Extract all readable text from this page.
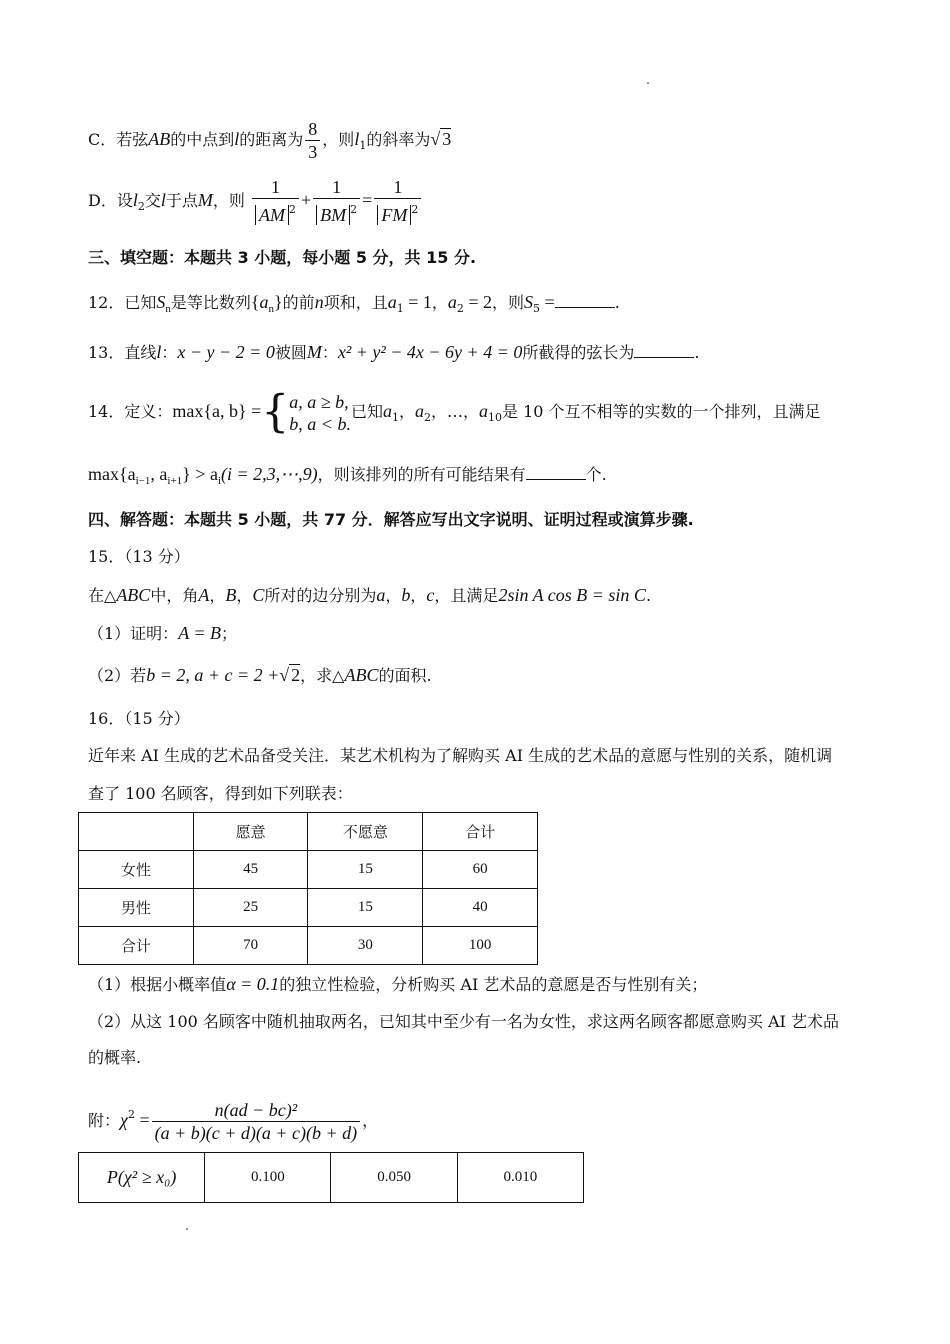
C．若弦AB的中点到l的距离为 $\frac{8}{3}$ ，则$l_1$的斜率为√ 3
D．设$l_2$交l于点M，则 $\frac{1}{AM ^2} + \frac{1}{BM ^2} = \frac{1}{FM ^2}$
三、填空题：本题共 3 小题，每小题 5 分，共 15 分.
12．已知$S_n$是等比数列$\{a_n\}$的前n项和，且$a_1 = 1$，$a_2 = 2$，则$S_5$ =	.
13．直线l：x − y − 2 = 0被圆M：x² + y² − 4x − 6y + 4 = 0所截得的弦长为	.
14．定义：max{a, b} ={ a, a ≥ b,
b, a < b.
已知$a_1$，$a_2$，…，$a_{10}$是 10 个互不相等的实数的一个排列，且满足
$\max\{a_{i-1}$, $a_{i+1}\} > a_i(i$ = 2,3,⋯,9)，则该排列的所有可能结果有	个.
四、解答题：本题共 5 小题，共 77 分．解答应写出文字说明、证明过程或演算步骤.
15．（13 分）
在△ABC中，角A，B，C所对的边分别为a，b，c，且满足2sin A cos B = sin C.
（1）证明：A = B；
（2）若b = 2, a + c = 2 +√ 2，求△ABC的面积.
16．（15 分）
近年来 AI 生成的艺术品备受关注．某艺术机构为了解购买 AI 生成的艺术品的意愿与性别的关系，随机调
查了 100 名顾客，得到如下列联表：
	愿意	不愿意	合计
女性	45	15	60
男性	25	15	40
合计	70	30	100
（1）根据小概率值α = 0.1的独立性检验，分析购买 AI 艺术品的意愿是否与性别有关；
（2）从这 100 名顾客中随机抽取两名，已知其中至少有一名为女性，求这两名顾客都愿意购买 AI 艺术品
的概率.
附：$\chi^2 = \frac{\text{n(ad − bc)²}}{(a + b)(c + d)(a + c)(b + d)}$ ，
P(χ² ≥ x₀)	0.100	0.050	0.010
